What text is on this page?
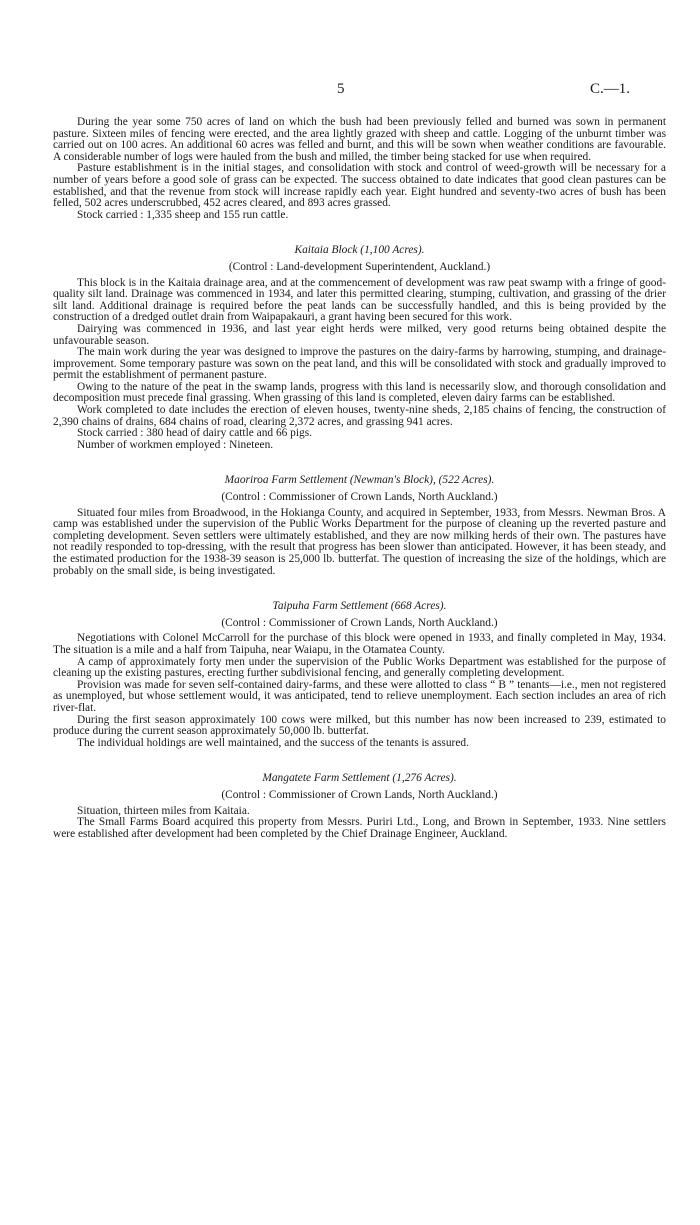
5	C.—1.

During the year some 750 acres of land on which the bush had been previously felled and burned was sown in permanent pasture. Sixteen miles of fencing were erected, and the area lightly grazed with sheep and cattle. Logging of the unburnt timber was carried out on 100 acres. An additional 60 acres was felled and burnt, and this will be sown when weather conditions are favourable. A considerable number of logs were hauled from the bush and milled, the timber being stacked for use when required.

Pasture establishment is in the initial stages, and consolidation with stock and control of weed-growth will be necessary for a number of years before a good sole of grass can be expected. The success obtained to date indicates that good clean pastures can be established, and that the revenue from stock will increase rapidly each year. Eight hundred and seventy-two acres of bush has been felled, 502 acres underscrubbed, 452 acres cleared, and 893 acres grassed.

Stock carried : 1,335 sheep and 155 run cattle.

Kaitaia Block (1,100 Acres).
(Control : Land-development Superintendent, Auckland.)

This block is in the Kaitaia drainage area, and at the commencement of development was raw peat swamp with a fringe of good-quality silt land. Drainage was commenced in 1934, and later this permitted clearing, stumping, cultivation, and grassing of the drier silt land. Additional drainage is required before the peat lands can be successfully handled, and this is being provided by the construction of a dredged outlet drain from Waipapakauri, a grant having been secured for this work.

Dairying was commenced in 1936, and last year eight herds were milked, very good returns being obtained despite the unfavourable season.

The main work during the year was designed to improve the pastures on the dairy-farms by harrowing, stumping, and drainage-improvement. Some temporary pasture was sown on the peat land, and this will be consolidated with stock and gradually improved to permit the establishment of permanent pasture.

Owing to the nature of the peat in the swamp lands, progress with this land is necessarily slow, and thorough consolidation and decomposition must precede final grassing. When grassing of this land is completed, eleven dairy farms can be established.

Work completed to date includes the erection of eleven houses, twenty-nine sheds, 2,185 chains of fencing, the construction of 2,390 chains of drains, 684 chains of road, clearing 2,372 acres, and grassing 941 acres.

Stock carried : 380 head of dairy cattle and 66 pigs.

Number of workmen employed : Nineteen.

Maoriroa Farm Settlement (Newman's Block), (522 Acres).
(Control : Commissioner of Crown Lands, North Auckland.)

Situated four miles from Broadwood, in the Hokianga County, and acquired in September, 1933, from Messrs. Newman Bros. A camp was established under the supervision of the Public Works Department for the purpose of cleaning up the reverted pasture and completing development. Seven settlers were ultimately established, and they are now milking herds of their own. The pastures have not readily responded to top-dressing, with the result that progress has been slower than anticipated. However, it has been steady, and the estimated production for the 1938-39 season is 25,000 lb. butterfat. The question of increasing the size of the holdings, which are probably on the small side, is being investigated.

Taipuha Farm Settlement (668 Acres).
(Control : Commissioner of Crown Lands, North Auckland.)

Negotiations with Colonel McCarroll for the purchase of this block were opened in 1933, and finally completed in May, 1934. The situation is a mile and a half from Taipuha, near Waiapu, in the Otamatea County.

A camp of approximately forty men under the supervision of the Public Works Department was established for the purpose of cleaning up the existing pastures, erecting further subdivisional fencing, and generally completing development.

Provision was made for seven self-contained dairy-farms, and these were allotted to class “ B ” tenants—i.e., men not registered as unemployed, but whose settlement would, it was anticipated, tend to relieve unemployment. Each section includes an area of rich river-flat.

During the first season approximately 100 cows were milked, but this number has now been increased to 239, estimated to produce during the current season approximately 50,000 lb. butterfat.

The individual holdings are well maintained, and the success of the tenants is assured.

Mangatete Farm Settlement (1,276 Acres).
(Control : Commissioner of Crown Lands, North Auckland.)

Situation, thirteen miles from Kaitaia.

The Small Farms Board acquired this property from Messrs. Puriri Ltd., Long, and Brown in September, 1933. Nine settlers were established after development had been completed by the Chief Drainage Engineer, Auckland.
